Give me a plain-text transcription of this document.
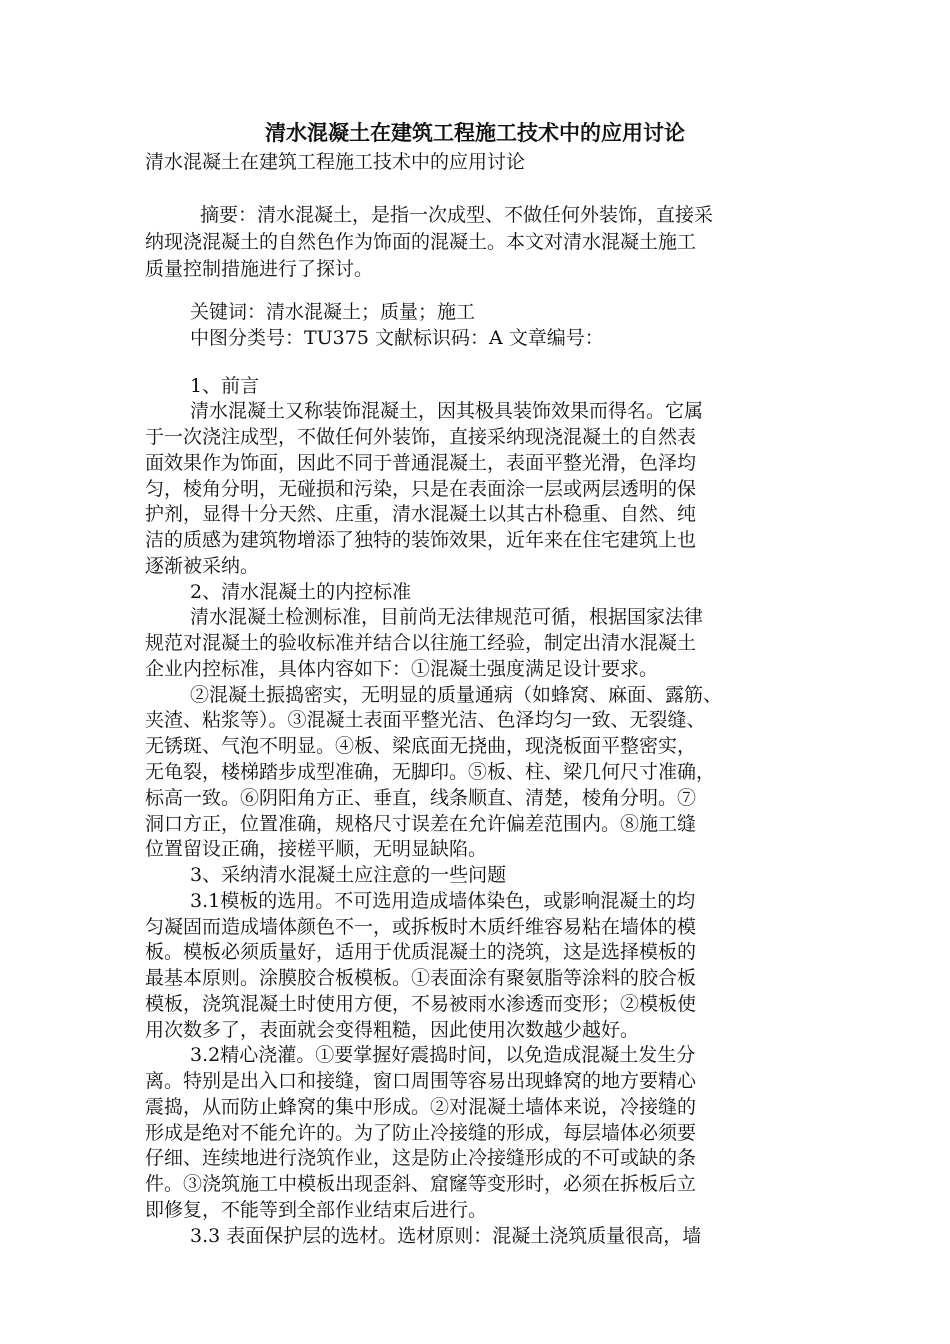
清水混凝土在建筑工程施工技术中的应用讨论
清水混凝土在建筑工程施工技术中的应用讨论
摘要：清水混凝土，是指一次成型、不做任何外装饰，直接采
纳现浇混凝土的自然色作为饰面的混凝土。本文对清水混凝土施工
质量控制措施进行了探讨。
关键词：清水混凝土；质量；施工
中图分类号：TU375 文献标识码：A 文章编号：
1、前言
清水混凝土又称装饰混凝土，因其极具装饰效果而得名。它属
于一次浇注成型，不做任何外装饰，直接采纳现浇混凝土的自然表
面效果作为饰面，因此不同于普通混凝土，表面平整光滑，色泽均
匀，棱角分明，无碰损和污染，只是在表面涂一层或两层透明的保
护剂，显得十分天然、庄重，清水混凝土以其古朴稳重、自然、纯
洁的质感为建筑物增添了独特的装饰效果，近年来在住宅建筑上也
逐渐被采纳。
2、清水混凝土的内控标准
清水混凝土检测标准，目前尚无法律规范可循，根据国家法律
规范对混凝土的验收标准并结合以往施工经验，制定出清水混凝土
企业内控标准，具体内容如下：①混凝土强度满足设计要求。
②混凝土振捣密实，无明显的质量通病（如蜂窝、麻面、露筋、
夹渣、粘浆等）。③混凝土表面平整光洁、色泽均匀一致、无裂缝、
无锈斑、气泡不明显。④板、梁底面无挠曲，现浇板面平整密实，
无龟裂，楼梯踏步成型准确，无脚印。⑤板、柱、梁几何尺寸准确，
标高一致。⑥阴阳角方正、垂直，线条顺直、清楚，棱角分明。⑦
洞口方正，位置准确，规格尺寸误差在允许偏差范围内。⑧施工缝
位置留设正确，接槎平顺，无明显缺陷。
3、采纳清水混凝土应注意的一些问题
3.1模板的选用。不可选用造成墙体染色，或影响混凝土的均
匀凝固而造成墙体颜色不一，或拆板时木质纤维容易粘在墙体的模
板。模板必须质量好，适用于优质混凝土的浇筑，这是选择模板的
最基本原则。涂膜胶合板模板。①表面涂有聚氨脂等涂料的胶合板
模板，浇筑混凝土时使用方便，不易被雨水渗透而变形；②模板使
用次数多了，表面就会变得粗糙，因此使用次数越少越好。
3.2精心浇灌。①要掌握好震捣时间，以免造成混凝土发生分
离。特别是出入口和接缝，窗口周围等容易出现蜂窝的地方要精心
震捣，从而防止蜂窝的集中形成。②对混凝土墙体来说，冷接缝的
形成是绝对不能允许的。为了防止冷接缝的形成，每层墙体必须要
仔细、连续地进行浇筑作业，这是防止冷接缝形成的不可或缺的条
件。③浇筑施工中模板出现歪斜、窟窿等变形时，必须在拆板后立
即修复，不能等到全部作业结束后进行。
3.3 表面保护层的选材。选材原则：混凝土浇筑质量很高，墙
